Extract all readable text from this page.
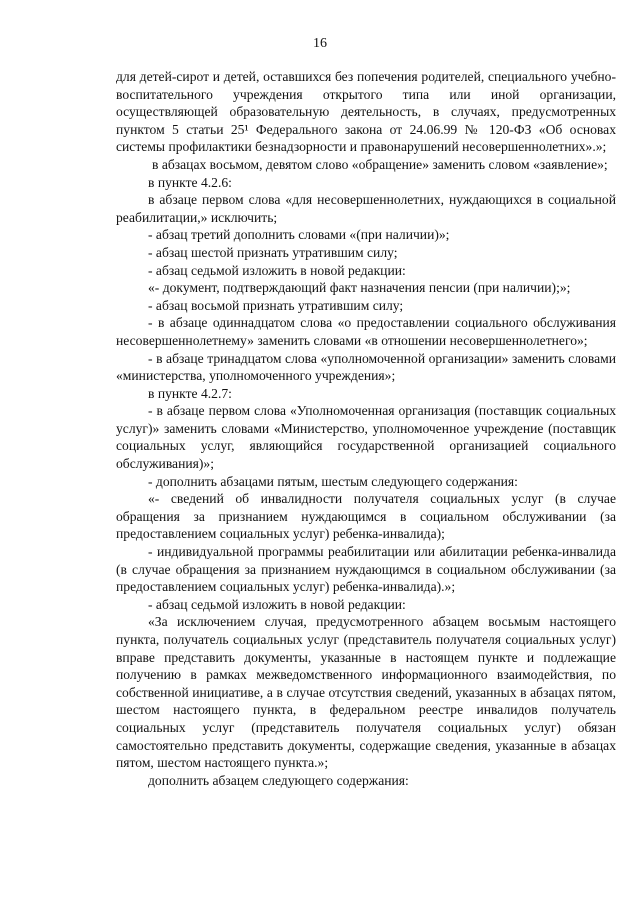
16

для детей-сирот и детей, оставшихся без попечения родителей, специального учебно-воспитательного учреждения открытого типа или иной организации, осуществляющей образовательную деятельность, в случаях, предусмотренных пунктом 5 статьи 25¹ Федерального закона от 24.06.99 № 120-ФЗ «Об основах системы профилактики безнадзорности и правонарушений несовершеннолетних».»;

в абзацах восьмом, девятом слово «обращение» заменить словом «заявление»;

в пункте 4.2.6:

в абзаце первом слова «для несовершеннолетних, нуждающихся в социальной реабилитации,» исключить;

- абзац третий дополнить словами «(при наличии)»;

- абзац шестой признать утратившим силу;

- абзац седьмой изложить в новой редакции:

«- документ, подтверждающий факт назначения пенсии (при наличии);»;

- абзац восьмой признать утратившим силу;

- в абзаце одиннадцатом слова «о предоставлении социального обслуживания несовершеннолетнему» заменить словами «в отношении несовершеннолетнего»;

- в абзаце тринадцатом слова «уполномоченной организации» заменить словами «министерства, уполномоченного учреждения»;

в пункте 4.2.7:

- в абзаце первом слова «Уполномоченная организация (поставщик социальных услуг)» заменить словами «Министерство, уполномоченное учреждение (поставщик социальных услуг, являющийся государственной организацией социального обслуживания)»;

- дополнить абзацами пятым, шестым следующего содержания:

«- сведений об инвалидности получателя социальных услуг (в случае обращения за признанием нуждающимся в социальном обслуживании (за предоставлением социальных услуг) ребенка-инвалида);

- индивидуальной программы реабилитации или абилитации ребенка-инвалида (в случае обращения за признанием нуждающимся в социальном обслуживании (за предоставлением социальных услуг) ребенка-инвалида).»;

- абзац седьмой изложить в новой редакции:

«За исключением случая, предусмотренного абзацем восьмым настоящего пункта, получатель социальных услуг (представитель получателя социальных услуг) вправе представить документы, указанные в настоящем пункте и подлежащие получению в рамках межведомственного информационного взаимодействия, по собственной инициативе, а в случае отсутствия сведений, указанных в абзацах пятом, шестом настоящего пункта, в федеральном реестре инвалидов получатель социальных услуг (представитель получателя социальных услуг) обязан самостоятельно представить документы, содержащие сведения, указанные в абзацах пятом, шестом настоящего пункта.»;

дополнить абзацем следующего содержания:
